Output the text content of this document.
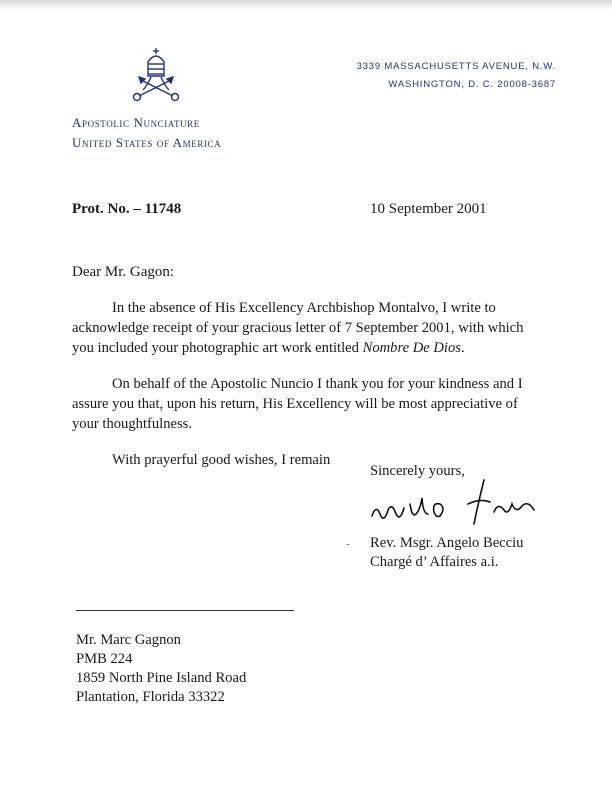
Apostolic Nunciature
United States of America
3339 MASSACHUSETTS AVENUE, N.W.
WASHINGTON, D. C. 20008-3687
Prot. No. – 11748	10 September 2001
Dear Mr. Gagon:

In the absence of His Excellency Archbishop Montalvo, I write to acknowledge receipt of your gracious letter of 7 September 2001, with which you included your photographic art work entitled Nombre De Dios.

On behalf of the Apostolic Nuncio I thank you for your kindness and I assure you that, upon his return, His Excellency will be most appreciative of your thoughtfulness.

With prayerful good wishes, I remain

Sincerely yours,
- Rev. Msgr. Angelo Becciu
Chargé d’ Affaires a.i.
Mr. Marc Gagnon
PMB 224
1859 North Pine Island Road
Plantation, Florida 33322
